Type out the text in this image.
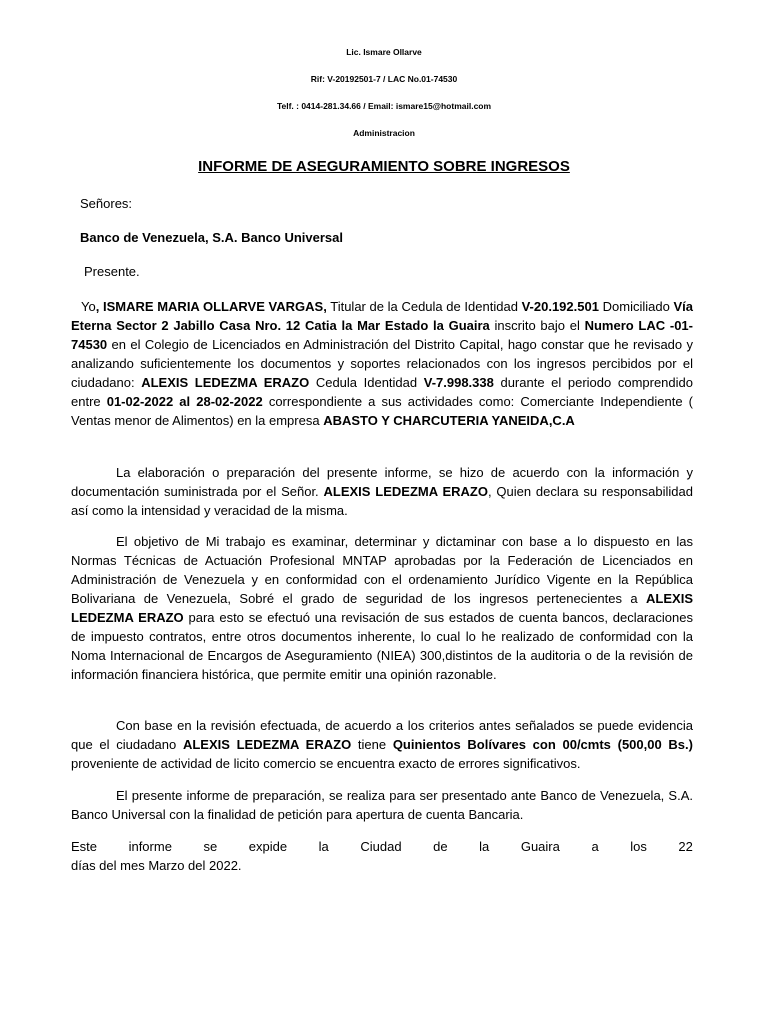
Lic. Ismare Ollarve
Rif: V-20192501-7 / LAC No.01-74530
Telf. : 0414-281.34.66 / Email: ismare15@hotmail.com
Administracion
INFORME DE ASEGURAMIENTO SOBRE INGRESOS
Señores:
Banco de Venezuela, S.A. Banco Universal
Presente.
Yo, ISMARE MARIA OLLARVE VARGAS, Titular de la Cedula de Identidad V-20.192.501 Domiciliado Vía Eterna Sector 2 Jabillo Casa Nro. 12 Catia la Mar Estado la Guaira inscrito bajo el Numero LAC -01-74530 en el Colegio de Licenciados en Administración del Distrito Capital, hago constar que he revisado y analizando suficientemente los documentos y soportes relacionados con los ingresos percibidos por el ciudadano: ALEXIS LEDEZMA ERAZO Cedula Identidad V-7.998.338 durante el periodo comprendido entre 01-02-2022 al 28-02-2022 correspondiente a sus actividades como: Comerciante Independiente ( Ventas menor de Alimentos) en la empresa ABASTO Y CHARCUTERIA YANEIDA,C.A
La elaboración o preparación del presente informe, se hizo de acuerdo con la información y documentación suministrada por el Señor. ALEXIS LEDEZMA ERAZO, Quien declara su responsabilidad así como la intensidad y veracidad de la misma.
El objetivo de Mi trabajo es examinar, determinar y dictaminar con base a lo dispuesto en las Normas Técnicas de Actuación Profesional MNTAP aprobadas por la Federación de Licenciados en Administración de Venezuela y en conformidad con el ordenamiento Jurídico Vigente en la República Bolivariana de Venezuela, Sobré el grado de seguridad de los ingresos pertenecientes a ALEXIS LEDEZMA ERAZO para esto se efectuó una revisación de sus estados de cuenta bancos, declaraciones de impuesto contratos, entre otros documentos inherente, lo cual lo he realizado de conformidad con la Noma Internacional de Encargos de Aseguramiento (NIEA) 300,distintos de la auditoria o de la revisión de información financiera histórica, que permite emitir una opinión razonable.
Con base en la revisión efectuada, de acuerdo a los criterios antes señalados se puede evidencia que el ciudadano ALEXIS LEDEZMA ERAZO tiene Quinientos Bolívares con 00/cmts (500,00 Bs.) proveniente de actividad de licito comercio se encuentra exacto de errores significativos.
El presente informe de preparación, se realiza para ser presentado ante Banco de Venezuela, S.A. Banco Universal con la finalidad de petición para apertura de cuenta Bancaria.
Este informe se expide la Ciudad de la Guaira a los 22
días del mes Marzo del 2022.
